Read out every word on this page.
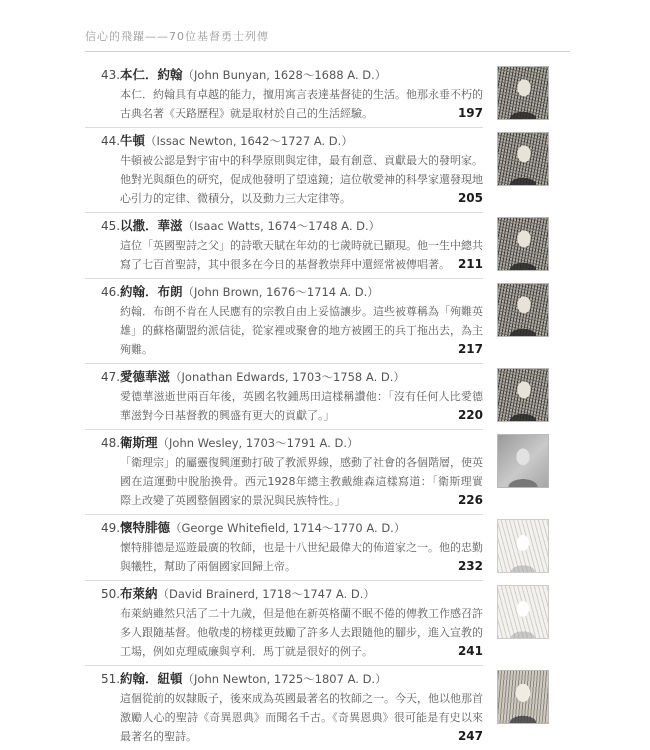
信心的飛躍——70位基督勇士列傳
43.本仁．約翰（John Bunyan, 1628～1688 A. D.）
本仁．約翰具有卓越的能力，擅用寓言表達基督徒的生活。他那永垂不朽的古典名著《天路歷程》就是取材於自己的生活經驗。	197
44.牛頓（Issac Newton, 1642～1727 A. D.）
牛頓被公認是對宇宙中的科學原則與定律，最有創意、貢獻最大的發明家。他對光與顏色的研究，促成他發明了望遠鏡；這位敬愛神的科學家還發現地心引力的定律、微積分，以及動力三大定律等。	205
45.以撒．華滋（Isaac Watts, 1674～1748 A. D.）
這位「英國聖詩之父」的詩歌天賦在年幼的七歲時就已顯現。他一生中總共寫了七百首聖詩，其中很多在今日的基督教崇拜中還經常被傳唱著。 211
46.約翰．布朗（John Brown, 1676～1714 A. D.）
約翰．布朗不肯在人民應有的宗教自由上妥協讓步。這些被尊稱為「殉難英雄」的蘇格蘭盟約派信徒，從家裡或聚會的地方被國王的兵丁拖出去，為主殉難。	217
47.愛德華滋（Jonathan Edwards, 1703～1758 A. D.）
愛德華滋逝世兩百年後，英國名牧鍾馬田這樣稱讚他：「沒有任何人比愛德華滋對今日基督教的興盛有更大的貢獻了。」	220
48.衛斯理（John Wesley, 1703～1791 A. D.）
「衛理宗」的屬靈復興運動打破了教派界線，感動了社會的各個階層，使英國在這運動中脫胎換骨。西元1928年總主教戴維森這樣寫道：「衛斯理實際上改變了英國整個國家的景況與民族特性。」	226
49.懷特腓德（George Whitefield, 1714～1770 A. D.）
懷特腓德是巡遊最廣的牧師，也是十八世紀最偉大的佈道家之一。他的忠勤與犧牲，幫助了兩個國家回歸上帝。	232
50.布萊納（David Brainerd, 1718～1747 A. D.）
布萊納雖然只活了二十九歲，但是他在新英格蘭不眠不倦的傳教工作感召許多人跟隨基督。他敬虔的榜樣更鼓勵了許多人去跟隨他的腳步，進入宣教的工場，例如克理威廉與亨利．馬丁就是很好的例子。	241
51.約翰．紐頓（John Newton, 1725～1807 A. D.）
這個從前的奴隸販子，後來成為英國最著名的牧師之一。今天，他以他那首激勵人心的聖詩《奇異恩典》而聞名千古。《奇異恩典》很可能是有史以來最著名的聖詩。	247
